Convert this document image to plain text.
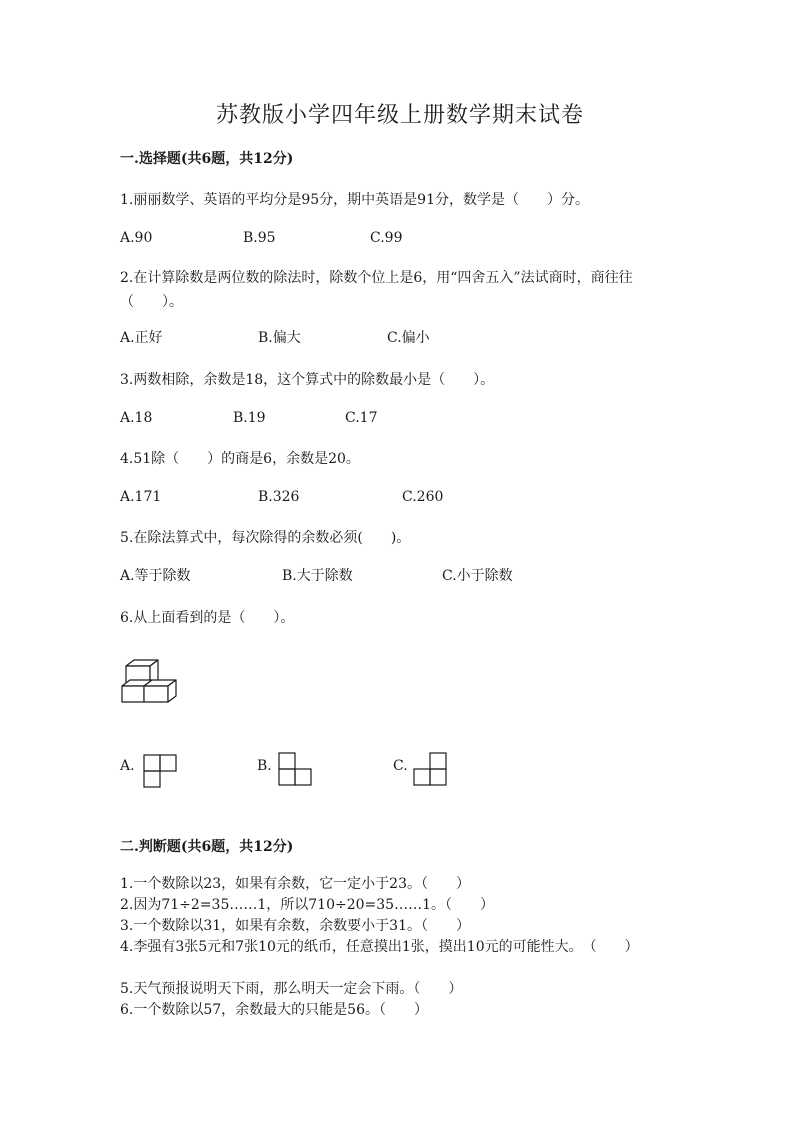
苏教版小学四年级上册数学期末试卷
一.选择题(共6题，共12分)
1.丽丽数学、英语的平均分是95分，期中英语是91分，数学是（　　）分。
A.90	B.95	C.99
2.在计算除数是两位数的除法时，除数个位上是6，用“四舍五入”法试商时，商往往（　　）。
A.正好	B.偏大	C.偏小
3.两数相除，余数是18，这个算式中的除数最小是（　　）。
A.18	B.19	C.17
4.51除（　　）的商是6，余数是20。
A.171	B.326	C.260
5.在除法算式中，每次除得的余数必须(　　)。
A.等于除数	B.大于除数	C.小于除数
6.从上面看到的是（　　）。
A.	B.	C.
二.判断题(共6题，共12分)
1.一个数除以23，如果有余数，它一定小于23。（　　）
2.因为71÷2=35……1，所以710÷20=35……1。（　　）
3.一个数除以31，如果有余数，余数要小于31。（　　）
4.李强有3张5元和7张10元的纸币，任意摸出1张，摸出10元的可能性大。　（　　）
5.天气预报说明天下雨，那么明天一定会下雨。（　　）
6.一个数除以57，余数最大的只能是56。（　　）
